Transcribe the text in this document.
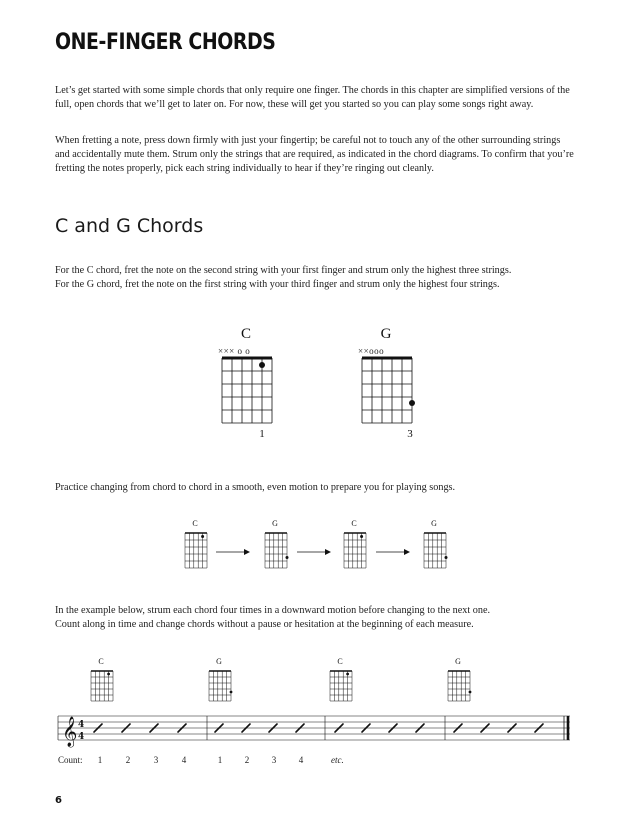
ONE-FINGER CHORDS

Let’s get started with some simple chords that only require one finger. The chords in this chapter are simplified versions of the full, open chords that we’ll get to later on. For now, these will get you started so you can play some songs right away.

When fretting a note, press down firmly with just your fingertip; be careful not to touch any of the other surrounding strings and accidentally mute them. Strum only the strings that are required, as indicated in the chord diagrams. To confirm that you’re fretting the notes properly, pick each string individually to hear if they’re ringing out cleanly.

C and G Chords

For the C chord, fret the note on the second string with your first finger and strum only the highest three strings.

For the G chord, fret the note on the first string with your third finger and strum only the highest four strings.

C
××× o o
1
G
××ooo
3

Practice changing from chord to chord in a smooth, even motion to prepare you for playing songs.

C	G	C	G

In the example below, strum each chord four times in a downward motion before changing to the next one.

Count along in time and change chords without a pause or hesitation at the beginning of each measure.

C	G	C	G
𝄞 4
4
Count:	1	2	3	4	1	2	3	4	etc.
6
